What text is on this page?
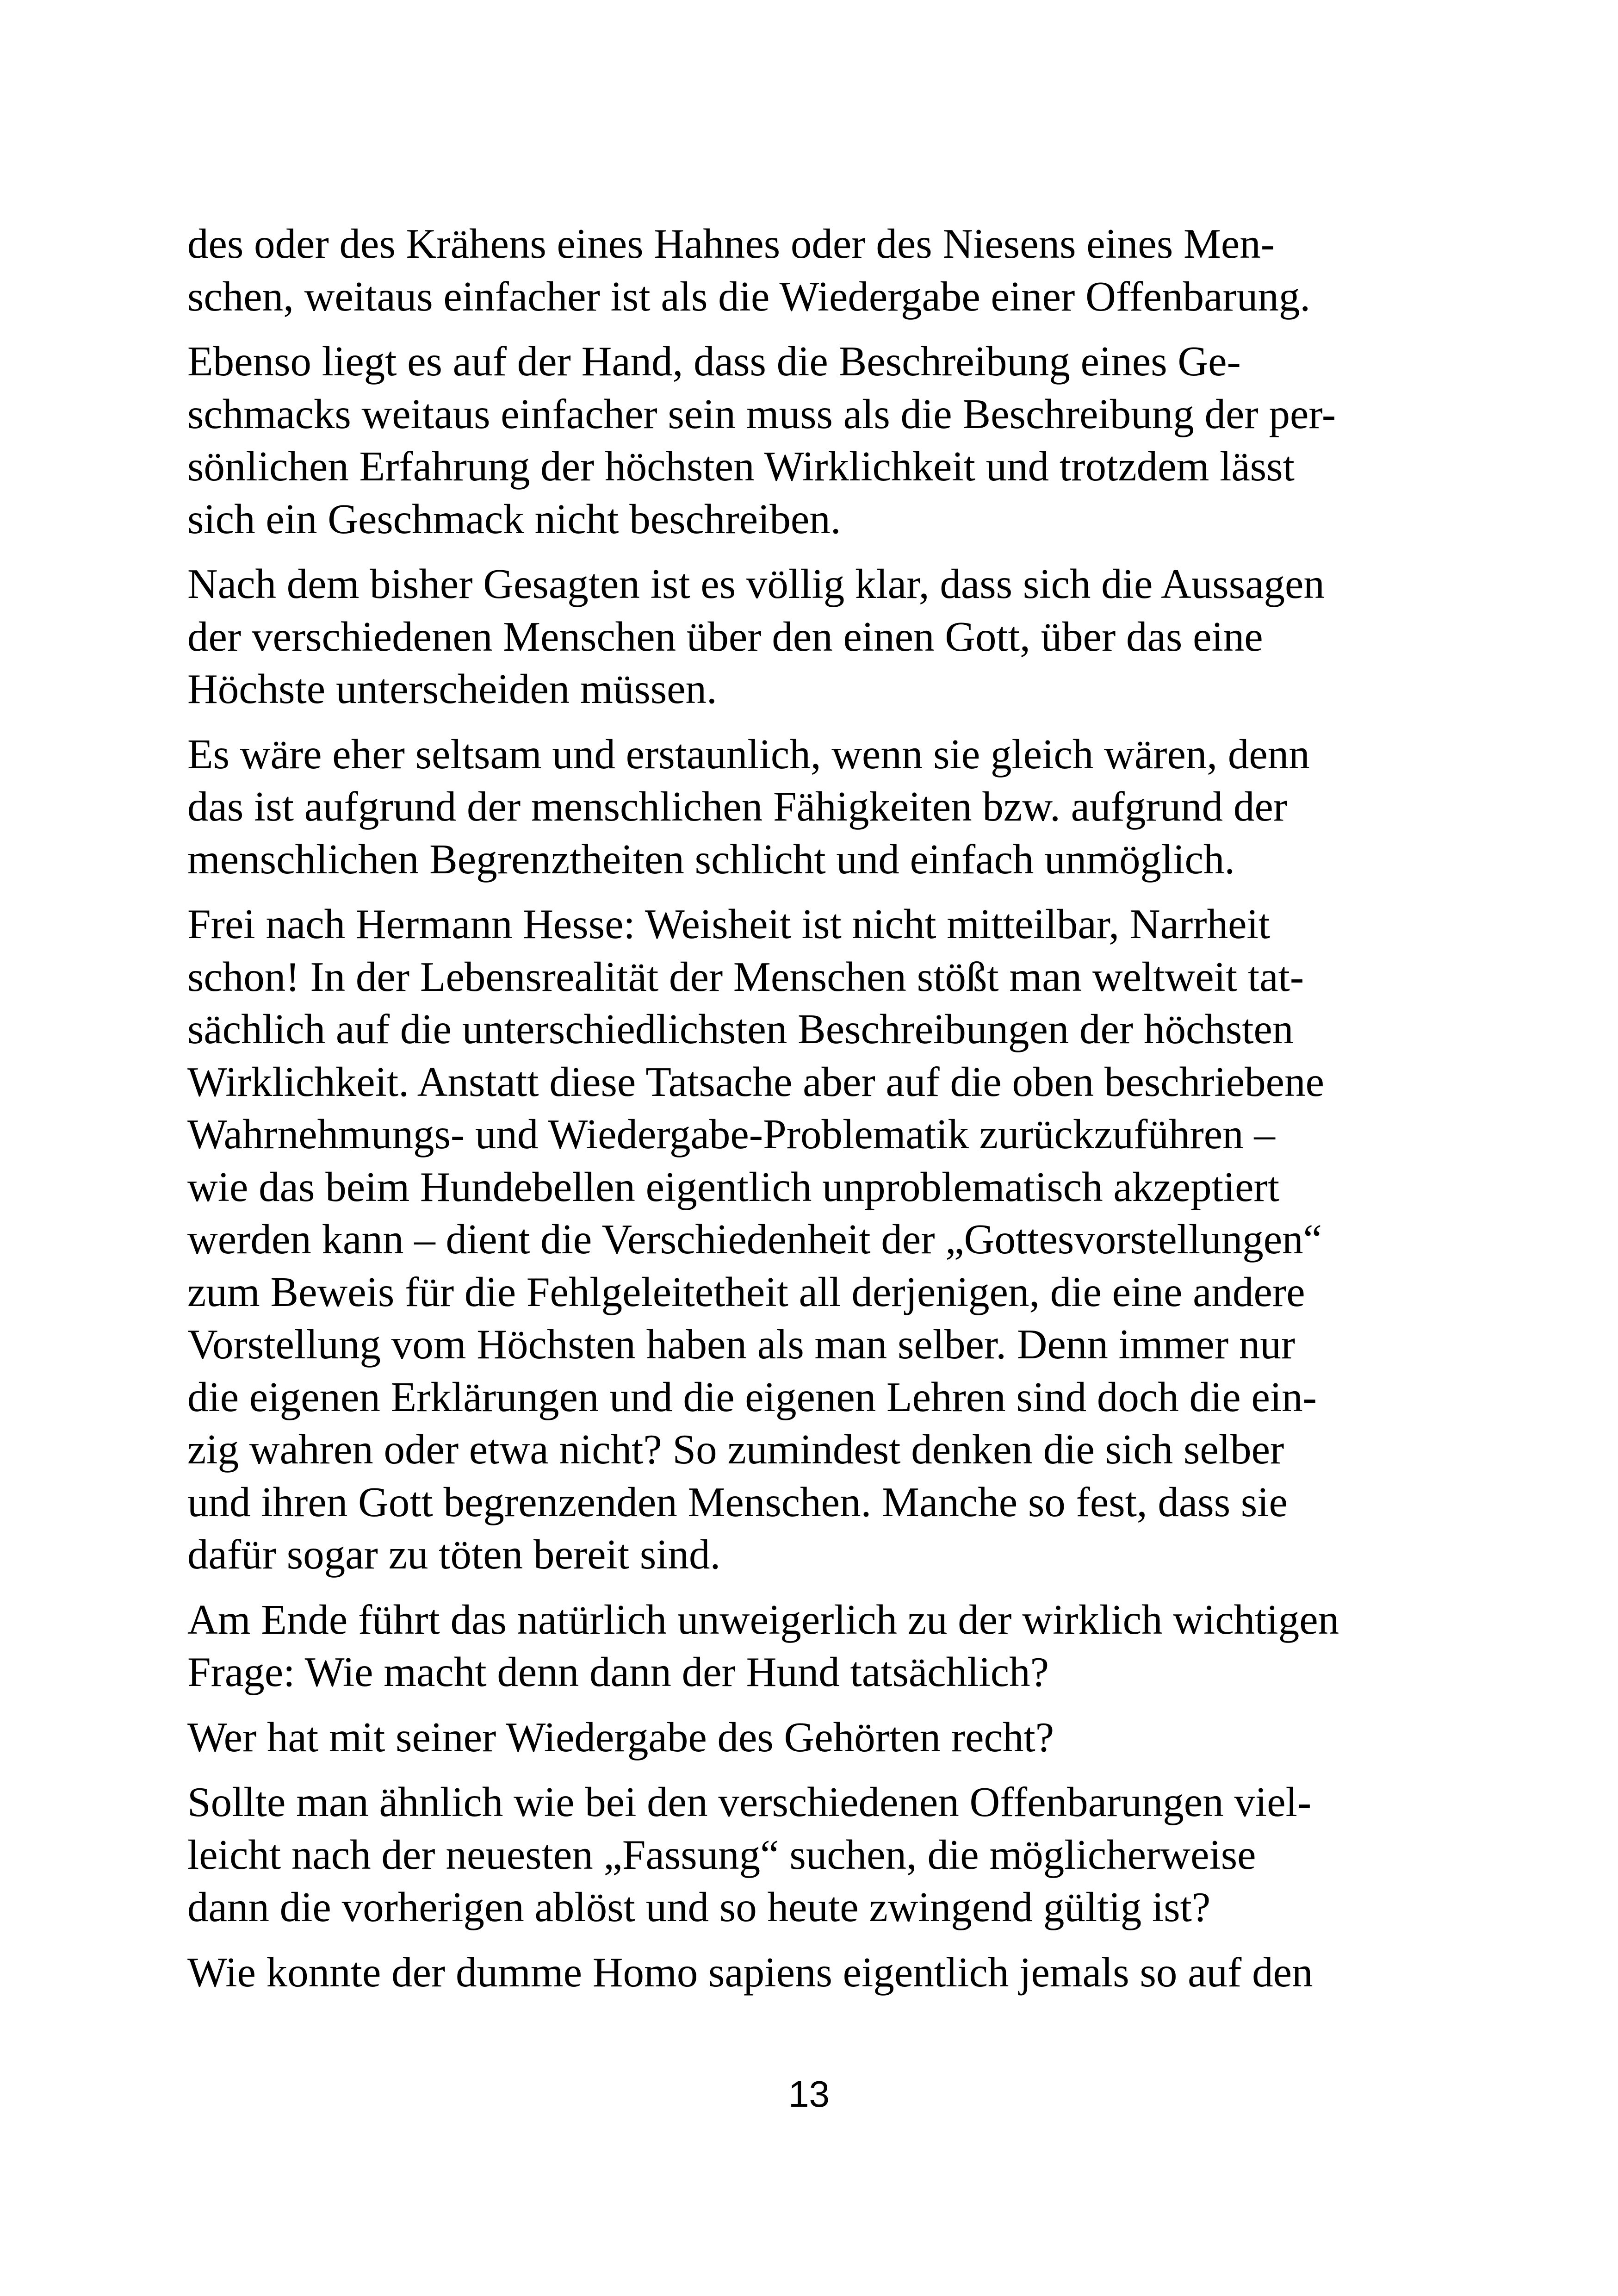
des oder des Krähens eines Hahnes oder des Niesens eines Men-
schen, weitaus einfacher ist als die Wiedergabe einer Offenbarung.

Ebenso liegt es auf der Hand, dass die Beschreibung eines Ge-
schmacks weitaus einfacher sein muss als die Beschreibung der per-
sönlichen Erfahrung der höchsten Wirklichkeit und trotzdem lässt
sich ein Geschmack nicht beschreiben.

Nach dem bisher Gesagten ist es völlig klar, dass sich die Aussagen
der verschiedenen Menschen über den einen Gott, über das eine
Höchste unterscheiden müssen.

Es wäre eher seltsam und erstaunlich, wenn sie gleich wären, denn
das ist aufgrund der menschlichen Fähigkeiten bzw. aufgrund der
menschlichen Begrenztheiten schlicht und einfach unmöglich.

Frei nach Hermann Hesse: Weisheit ist nicht mitteilbar, Narrheit
schon! In der Lebensrealität der Menschen stößt man weltweit tat-
sächlich auf die unterschiedlichsten Beschreibungen der höchsten
Wirklichkeit. Anstatt diese Tatsache aber auf die oben beschriebene
Wahrnehmungs- und Wiedergabe-Problematik zurückzuführen –
wie das beim Hundebellen eigentlich unproblematisch akzeptiert
werden kann – dient die Verschiedenheit der „Gottesvorstellungen“
zum Beweis für die Fehlgeleitetheit all derjenigen, die eine andere
Vorstellung vom Höchsten haben als man selber. Denn immer nur
die eigenen Erklärungen und die eigenen Lehren sind doch die ein-
zig wahren oder etwa nicht? So zumindest denken die sich selber
und ihren Gott begrenzenden Menschen. Manche so fest, dass sie
dafür sogar zu töten bereit sind.

Am Ende führt das natürlich unweigerlich zu der wirklich wichtigen
Frage: Wie macht denn dann der Hund tatsächlich?

Wer hat mit seiner Wiedergabe des Gehörten recht?

Sollte man ähnlich wie bei den verschiedenen Offenbarungen viel-
leicht nach der neuesten „Fassung“ suchen, die möglicherweise
dann die vorherigen ablöst und so heute zwingend gültig ist?

Wie konnte der dumme Homo sapiens eigentlich jemals so auf den

13
